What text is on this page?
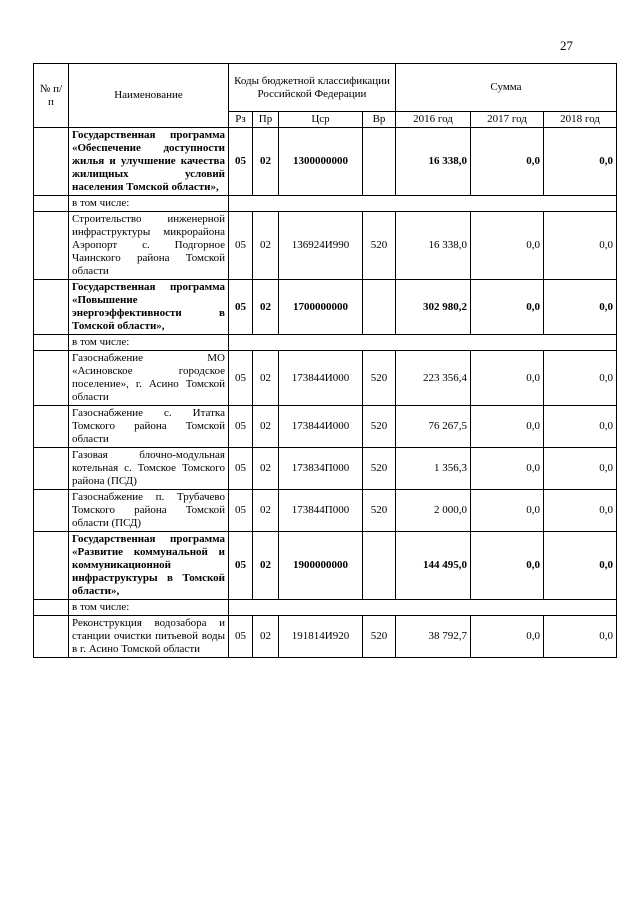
27
№ п/п	Наименование	Коды бюджетной классификации Российской Федерации				Сумма		
		Рз	Пр	Цср	Вр	2016 год	2017 год	2018 год
	Государственная программа «Обеспечение доступности жилья и улучшение качества жилищных условий населения Томской области»,	05	02	1300000000		16 338,0	0,0	0,0
	в том числе:							
	Строительство инженерной инфраструктуры микрорайона Аэропорт с. Подгорное Чаинского района Томской области	05	02	136924И990	520	16 338,0	0,0	0,0
	Государственная программа «Повышение энергоэффективности в Томской области»,	05	02	1700000000		302 980,2	0,0	0,0
	в том числе:							
	Газоснабжение МО «Асиновское городское поселение», г. Асино Томской области	05	02	173844И000	520	223 356,4	0,0	0,0
	Газоснабжение с. Итатка Томского района Томской области	05	02	173844И000	520	76 267,5	0,0	0,0
	Газовая блочно-модульная котельная с. Томское Томского района (ПСД)	05	02	173834П000	520	1 356,3	0,0	0,0
	Газоснабжение п. Трубачево Томского района Томской области (ПСД)	05	02	173844П000	520	2 000,0	0,0	0,0
	Государственная программа «Развитие коммунальной и коммуникационной инфраструктуры в Томской области»,	05	02	1900000000		144 495,0	0,0	0,0
	в том числе:							
	Реконструкция водозабора и станции очистки питьевой воды в г. Асино Томской области	05	02	191814И920	520	38 792,7	0,0	0,0
